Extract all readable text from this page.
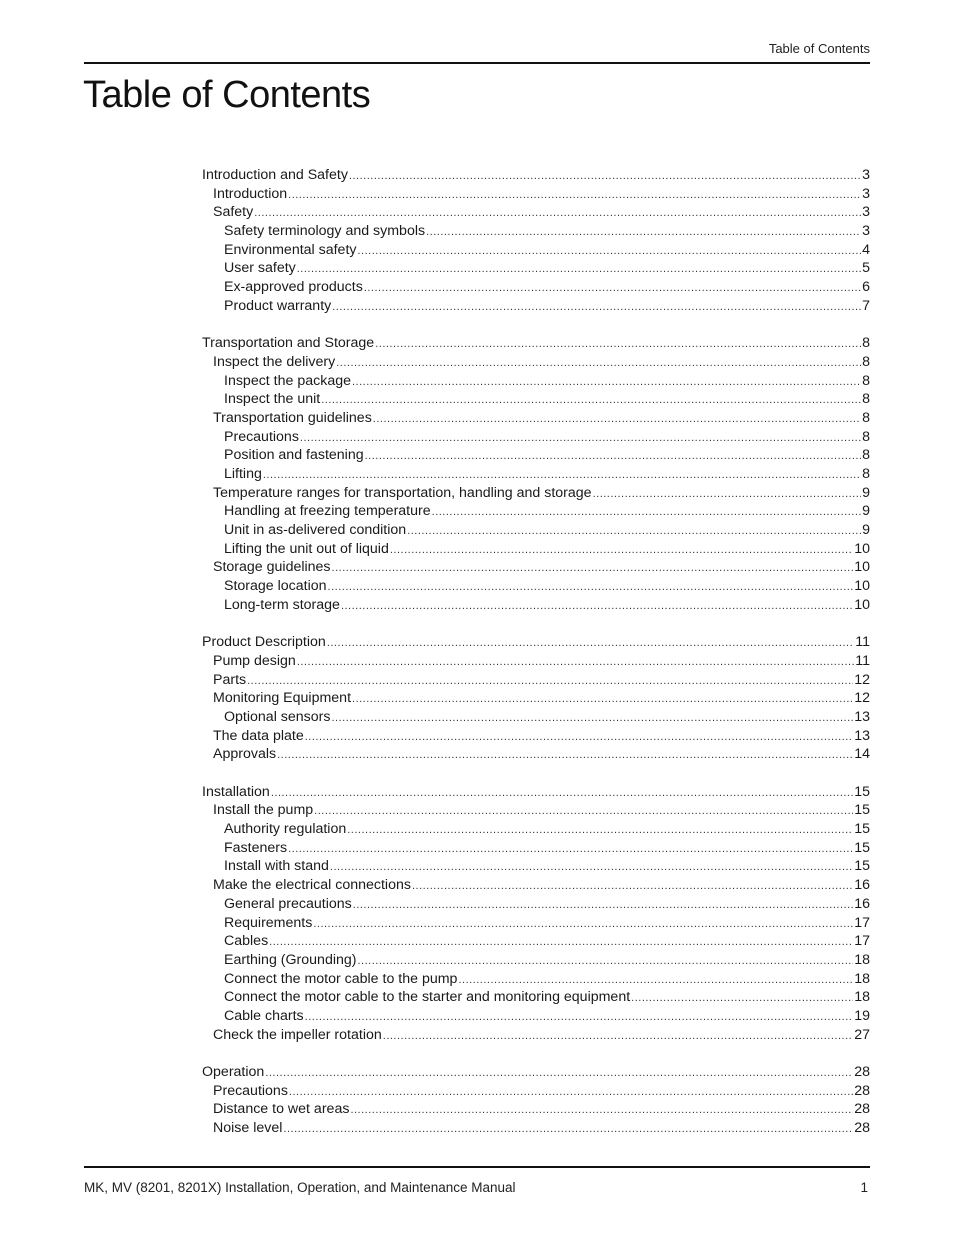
Table of Contents
Table of Contents
Introduction and Safety .....	3
Introduction .....	3
Safety .....	3
Safety terminology and symbols .....	3
Environmental safety .....	4
User safety .....	5
Ex-approved products .....	6
Product warranty .....	7
Transportation and Storage .....	8
Inspect the delivery .....	8
Inspect the package .....	8
Inspect the unit .....	8
Transportation guidelines .....	8
Precautions .....	8
Position and fastening .....	8
Lifting .....	8
Temperature ranges for transportation, handling and storage .....	9
Handling at freezing temperature .....	9
Unit in as-delivered condition .....	9
Lifting the unit out of liquid .....	10
Storage guidelines .....	10
Storage location .....	10
Long-term storage .....	10
Product Description .....	11
Pump design .....	11
Parts .....	12
Monitoring Equipment .....	12
Optional sensors .....	13
The data plate .....	13
Approvals .....	14
Installation .....	15
Install the pump .....	15
Authority regulation .....	15
Fasteners .....	15
Install with stand .....	15
Make the electrical connections .....	16
General precautions .....	16
Requirements .....	17
Cables .....	17
Earthing (Grounding) .....	18
Connect the motor cable to the pump .....	18
Connect the motor cable to the starter and monitoring equipment .....	18
Cable charts .....	19
Check the impeller rotation .....	27
Operation .....	28
Precautions .....	28
Distance to wet areas .....	28
Noise level .....	28
MK, MV (8201, 8201X) Installation, Operation, and Maintenance Manual	1
